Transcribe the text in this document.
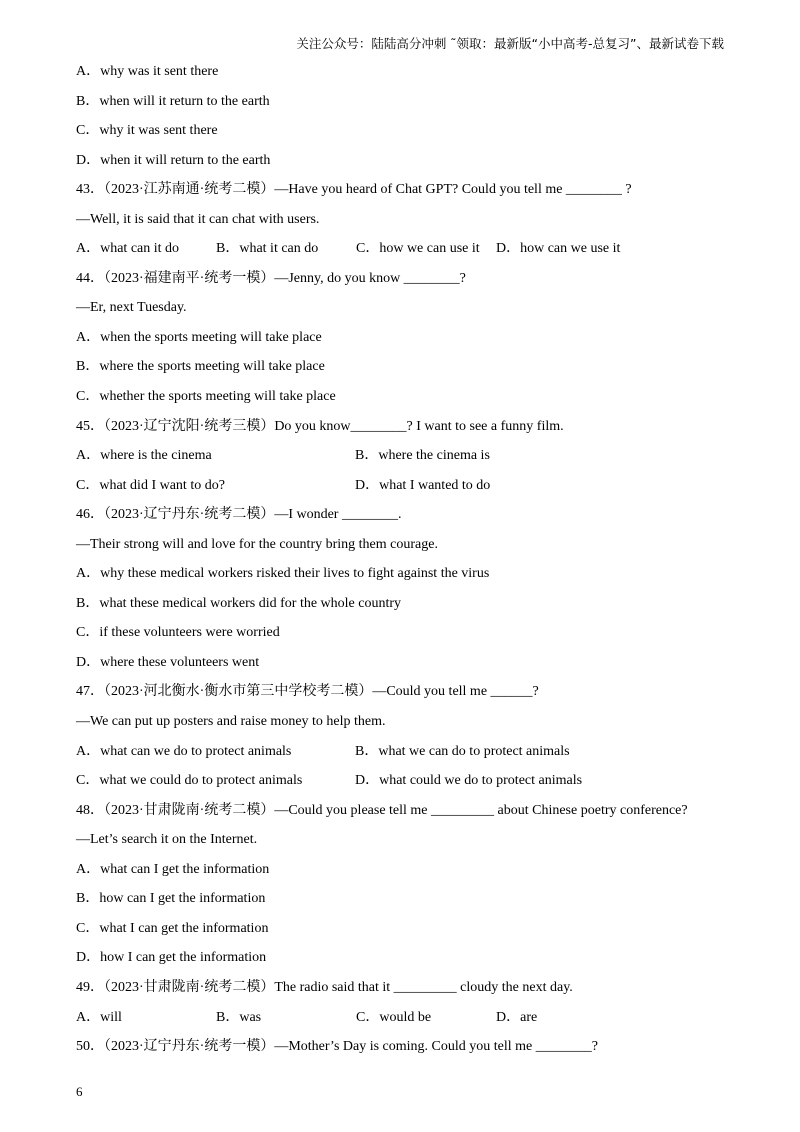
关注公众号：陆陆高分冲刺 ˜领取：最新版“小中高考-总复习”、最新试卷下载
A．why was it sent there
B．when will it return to the earth
C．why it was sent there
D．when it will return to the earth
43．（2023·江苏南通·统考二模）—Have you heard of Chat GPT? Could you tell me ________ ?
—Well, it is said that it can chat with users.
A．what can it do	B．what it can do	C．how we can use it	D．how can we use it
44．（2023·福建南平·统考一模）—Jenny, do you know ________?
—Er, next Tuesday.
A．when the sports meeting will take place
B．where the sports meeting will take place
C．whether the sports meeting will take place
45．（2023·辽宁沈阳·统考三模）Do you know________? I want to see a funny film.
A．where is the cinema	B．where the cinema is
C．what did I want to do?	D．what I wanted to do
46．（2023·辽宁丹东·统考二模）—I wonder ________.
—Their strong will and love for the country bring them courage.
A．why these medical workers risked their lives to fight against the virus
B．what these medical workers did for the whole country
C．if these volunteers were worried
D．where these volunteers went
47．（2023·河北衡水·衡水市第三中学校考二模）—Could you tell me ______?
—We can put up posters and raise money to help them.
A．what can we do to protect animals	B．what we can do to protect animals
C．what we could do to protect animals	D．what could we do to protect animals
48．（2023·甘肃陇南·统考二模）—Could you please tell me _________ about Chinese poetry conference?
—Let’s search it on the Internet.
A．what can I get the information
B．how can I get the information
C．what I can get the information
D．how I can get the information
49．（2023·甘肃陇南·统考二模）The radio said that it _________ cloudy the next day.
A．will	B．was	C．would be	D．are
50．（2023·辽宁丹东·统考一模）—Mother’s Day is coming. Could you tell me ________?
6
